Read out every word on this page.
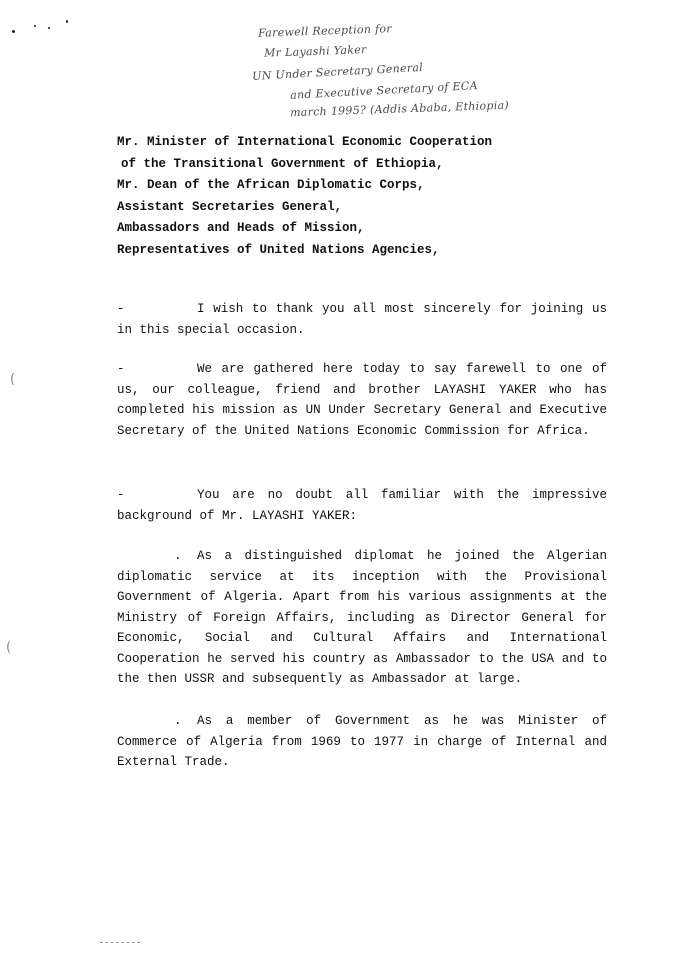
Farewell Reception for
Mr Layashi Yaker
UN Under Secretary General
and Executive Secretary of ECA
march 1995? (Addis Ababa, Ethiopia)
Mr. Minister of International Economic Cooperation
of the Transitional Government of Ethiopia,
Mr. Dean of the African Diplomatic Corps,
Assistant Secretaries General,
Ambassadors and Heads of Mission,
Representatives of United Nations Agencies,

-	I wish to thank you all most sincerely for joining us in this special occasion.

-	We are gathered here today to say farewell to one of us, our colleague, friend and brother LAYASHI YAKER who has completed his mission as UN Under Secretary General and Executive Secretary of the United Nations Economic Commission for Africa.

-	You are no doubt all familiar with the impressive background of Mr. LAYASHI YAKER:

. As a distinguished diplomat he joined the Algerian diplomatic service at its inception with the Provisional Government of Algeria. Apart from his various assignments at the Ministry of Foreign Affairs, including as Director General for Economic, Social and Cultural Affairs and International Cooperation he served his country as Ambassador to the USA and to the then USSR and subsequently as Ambassador at large.

. As a member of Government as he was Minister of Commerce of Algeria from 1969 to 1977 in charge of Internal and External Trade.

(
(
